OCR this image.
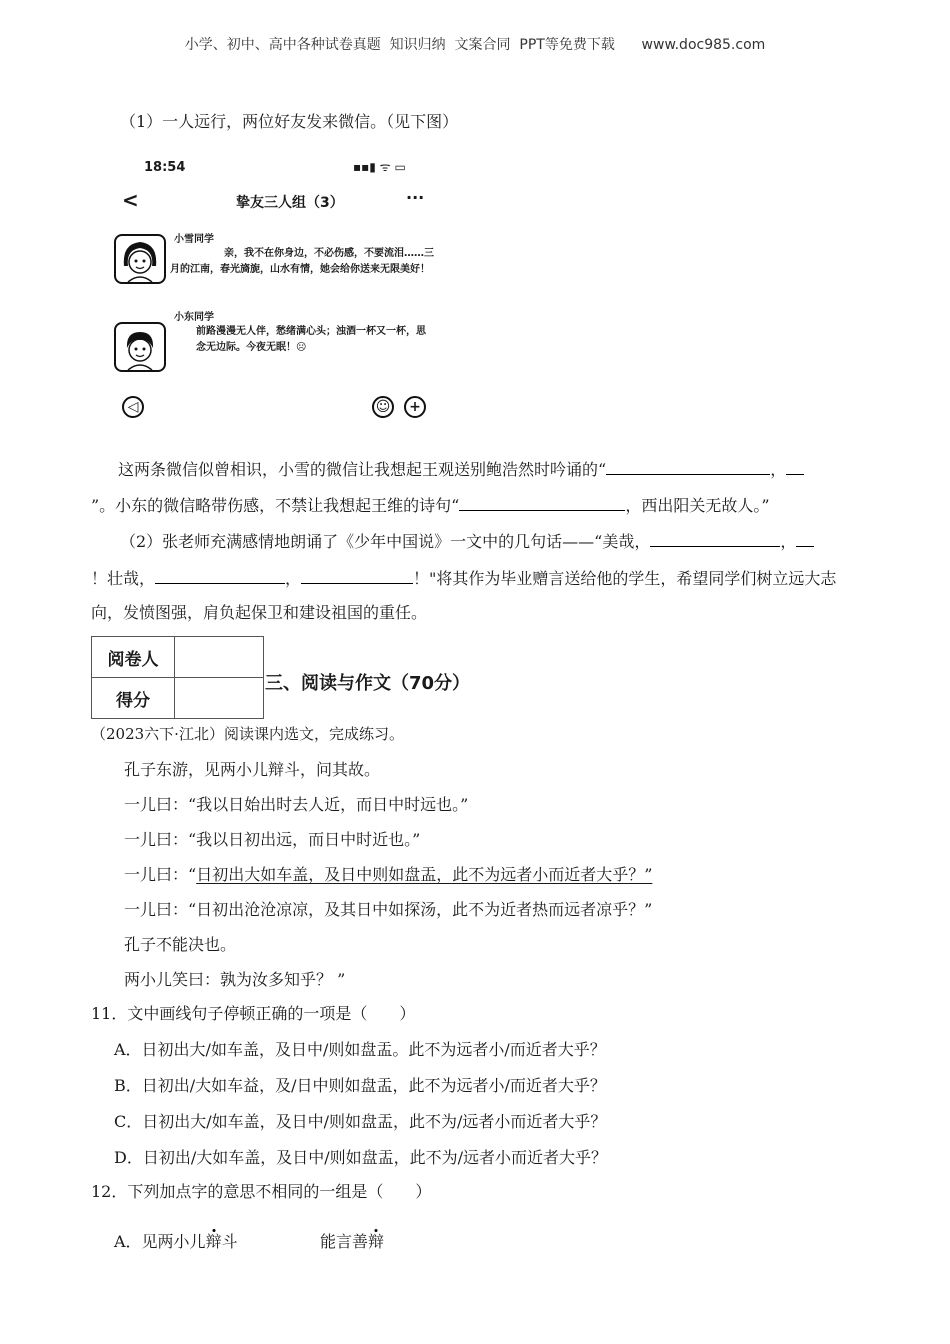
小学、初中、高中各种试卷真题  知识归纳  文案合同  PPT等免费下载      www.doc985.com
（1）一人远行，两位好友发来微信。（见下图）
18:54	▪▪▮ ᯤ ▭
<	挚友三人组（3）	···
小雪同学
亲，我不在你身边，不必伤感，不要流泪……三月的江南，春光旖旎，山水有情，她会给你送来无限美好！
小东同学
前路漫漫无人伴，愁绪满心头；浊酒一杯又一杯，思念无边际。今夜无眠！☹
◁	☺	+
这两条微信似曾相识，小雪的微信让我想起王观送别鲍浩然时吟诵的“	，
”。小东的微信略带伤感，不禁让我想起王维的诗句“	，西出阳关无故人。”
（2）张老师充满感情地朗诵了《少年中国说》一文中的几句话——“美哉，	，
！壮哉，	，	！"将其作为毕业赠言送给他的学生，希望同学们树立远大志
向，发愤图强，肩负起保卫和建设祖国的重任。
阅卷人	
得分	
三、阅读与作文（70分）
（2023六下·江北）阅读课内选文，完成练习。
孔子东游，见两小儿辩斗，问其故。
一儿曰：“我以日始出时去人近，而日中时远也。”
一儿曰：“我以日初出远，而日中时近也。”
一儿曰：“日初出大如车盖，及日中则如盘盂，此不为远者小而近者大乎？”
一儿曰：“日初出沧沧凉凉，及其日中如探汤，此不为近者热而远者凉乎？”
孔子不能决也。
两小儿笑曰：孰为汝多知乎？ ”
11．文中画线句子停顿正确的一项是（　　）
A．日初出大/如车盖，及日中/则如盘盂。此不为远者小/而近者大乎？
B．日初出/大如车益，及/日中则如盘盂，此不为远者小/而近者大乎？
C．日初出大/如车盖，及日中/则如盘盂，此不为/远者小而近者大乎？
D．日初出/大如车盖，及日中/则如盘盂，此不为/远者小而近者大乎？
12．下列加点字的意思不相同的一组是（　　）
A．见两小儿辩斗	能言善辩
